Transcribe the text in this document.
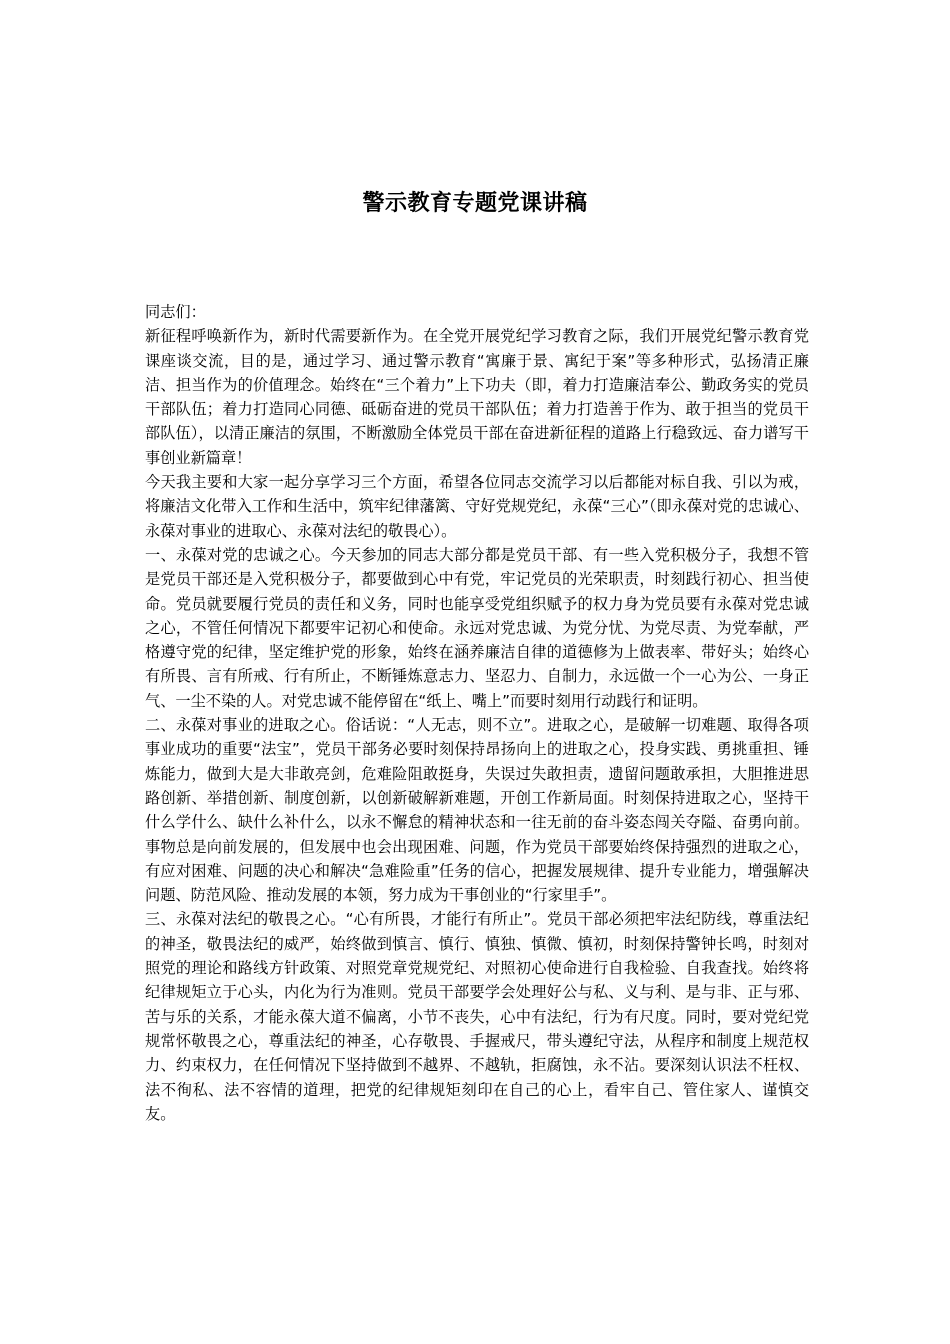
警示教育专题党课讲稿

同志们：

新征程呼唤新作为，新时代需要新作为。在全党开展党纪学习教育之际，我们开展党纪警示教育党课座谈交流，目的是，通过学习、通过警示教育“寓廉于景、寓纪于案”等多种形式，弘扬清正廉洁、担当作为的价值理念。始终在“三个着力”上下功夫（即，着力打造廉洁奉公、勤政务实的党员干部队伍；着力打造同心同德、砥砺奋进的党员干部队伍；着力打造善于作为、敢于担当的党员干部队伍），以清正廉洁的氛围，不断激励全体党员干部在奋进新征程的道路上行稳致远、奋力谱写干事创业新篇章！

今天我主要和大家一起分享学习三个方面，希望各位同志交流学习以后都能对标自我、引以为戒，将廉洁文化带入工作和生活中，筑牢纪律藩篱、守好党规党纪，永葆“三心”（即永葆对党的忠诚心、永葆对事业的进取心、永葆对法纪的敬畏心）。

一、永葆对党的忠诚之心。今天参加的同志大部分都是党员干部、有一些入党积极分子，我想不管是党员干部还是入党积极分子，都要做到心中有党，牢记党员的光荣职责，时刻践行初心、担当使命。党员就要履行党员的责任和义务，同时也能享受党组织赋予的权力身为党员要有永葆对党忠诚之心，不管任何情况下都要牢记初心和使命。永远对党忠诚、为党分忧、为党尽责、为党奉献，严格遵守党的纪律，坚定维护党的形象，始终在涵养廉洁自律的道德修为上做表率、带好头；始终心有所畏、言有所戒、行有所止，不断锤炼意志力、坚忍力、自制力，永远做一个一心为公、一身正气、一尘不染的人。对党忠诚不能停留在“纸上、嘴上”而要时刻用行动践行和证明。

二、永葆对事业的进取之心。俗话说：“人无志，则不立”。进取之心，是破解一切难题、取得各项事业成功的重要“法宝”，党员干部务必要时刻保持昂扬向上的进取之心，投身实践、勇挑重担、锤炼能力，做到大是大非敢亮剑，危难险阻敢挺身，失误过失敢担责，遗留问题敢承担，大胆推进思路创新、举措创新、制度创新，以创新破解新难题，开创工作新局面。时刻保持进取之心，坚持干什么学什么、缺什么补什么，以永不懈怠的精神状态和一往无前的奋斗姿态闯关夺隘、奋勇向前。事物总是向前发展的，但发展中也会出现困难、问题，作为党员干部要始终保持强烈的进取之心，有应对困难、问题的决心和解决“急难险重”任务的信心，把握发展规律、提升专业能力，增强解决问题、防范风险、推动发展的本领，努力成为干事创业的“行家里手”。

三、永葆对法纪的敬畏之心。“心有所畏，才能行有所止”。党员干部必须把牢法纪防线，尊重法纪的神圣，敬畏法纪的威严，始终做到慎言、慎行、慎独、慎微、慎初，时刻保持警钟长鸣，时刻对照党的理论和路线方针政策、对照党章党规党纪、对照初心使命进行自我检验、自我查找。始终将纪律规矩立于心头，内化为行为准则。党员干部要学会处理好公与私、义与利、是与非、正与邪、苦与乐的关系，才能永葆大道不偏离，小节不丧失，心中有法纪，行为有尺度。同时，要对党纪党规常怀敬畏之心，尊重法纪的神圣，心存敬畏、手握戒尺，带头遵纪守法，从程序和制度上规范权力、约束权力，在任何情况下坚持做到不越界、不越轨，拒腐蚀，永不沾。要深刻认识法不枉权、法不徇私、法不容情的道理，把党的纪律规矩刻印在自己的心上，看牢自己、管住家人、谨慎交友。
